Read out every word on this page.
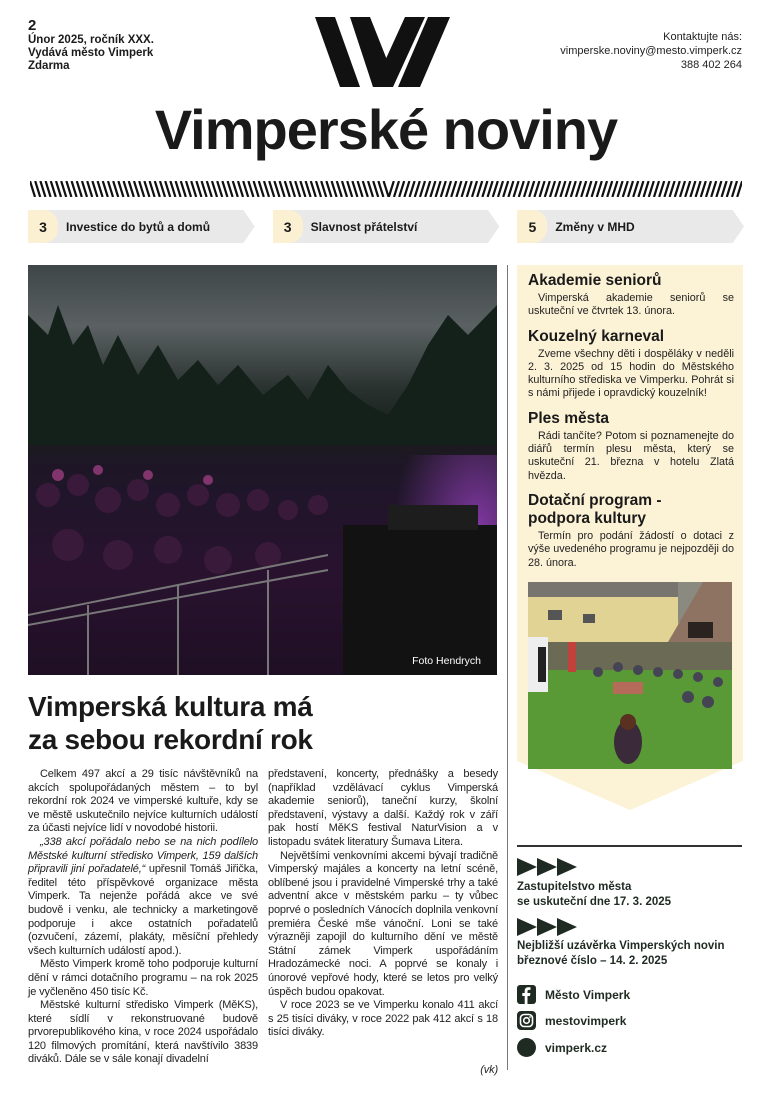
2
Únor 2025, ročník XXX.
Vydává město Vimperk
Zdarma
Kontaktujte nás:
vimperske.noviny@mesto.vimperk.cz
388 402 264
Vimperské noviny
3	Investice do bytů a domů	3	Slavnost přátelství	5	Změny v MHD
Foto Hendrych
Vimperská kultura má
za sebou rekordní rok

Celkem 497 akcí a 29 tisíc návštěvníků na akcích spolupořádaných městem – to byl rekordní rok 2024 ve vimperské kultuře, kdy se ve městě uskutečnilo nejvíce kulturních událostí za účasti nejvíce lidí v novodobé historii.

„338 akcí pořádalo nebo se na nich podílelo Městské kulturní středisko Vimperk, 159 dalších připravili jiní pořadatelé,“ upřesnil Tomáš Jiřička, ředitel této příspěvkové organizace města Vimperk. Ta nejenže pořádá akce ve své budově i venku, ale technicky a marketingově podporuje i akce ostatních pořadatelů (ozvučení, zázemí, plakáty, měsíční přehledy všech kulturních událostí apod.).

Město Vimperk kromě toho podporuje kulturní dění v rámci dotačního programu – na rok 2025 je vyčleněno 450 tisíc Kč.

Městské kulturní středisko Vimperk (MěKS), které sídlí v rekonstruované budově prvorepublikového kina, v roce 2024 uspořádalo 120 filmových promítání, která navštívilo 3839 diváků. Dále se v sále konají divadelní

představení, koncerty, přednášky a besedy (například vzdělávací cyklus Vimperská akademie seniorů), taneční kurzy, školní představení, výstavy a další. Každý rok v září pak hostí MěKS festival NaturVision a v listopadu svátek literatury Šumava Litera.

Největšími venkovními akcemi bývají tradičně Vimperský majáles a koncerty na letní scéně, oblíbené jsou i pravidelné Vimperské trhy a také adventní akce v městském parku – ty vůbec poprvé o posledních Vánocích doplnila venkovní premiéra České mše vánoční. Loni se také výrazněji zapojil do kulturního dění ve městě Státní zámek Vimperk uspořádáním Hradozámecké noci. A poprvé se konaly i únorové vepřové hody, které se letos pro velký úspěch budou opakovat.

V roce 2023 se ve Vimperku konalo 411 akcí s 25 tisíci diváky, v roce 2022 pak 412 akcí s 18 tisíci diváky.

(vk)
Akademie seniorů

Vimperská akademie seniorů se uskuteční ve čtvrtek 13. února.

Kouzelný karneval

Zveme všechny děti i dospěláky v neděli 2. 3. 2025 od 15 hodin do Městského kulturního střediska ve Vimperku. Pohrát si s námi přijede i opravdický kouzelník!

Ples města

Rádi tančíte? Potom si poznamenejte do diářů termín plesu města, který se uskuteční 21. března v hotelu Zlatá hvězda.

Dotační program - podpora kultury

Termín pro podání žádostí o dotaci z výše uvedeného programu je nejpozději do 28. února.

Zastupitelstvo města
se uskuteční dne 17. 3. 2025
Nejbližší uzávěrka Vimperských novin
březnové číslo – 14. 2. 2025
Město Vimperk
mestovimperk
vimperk.cz
